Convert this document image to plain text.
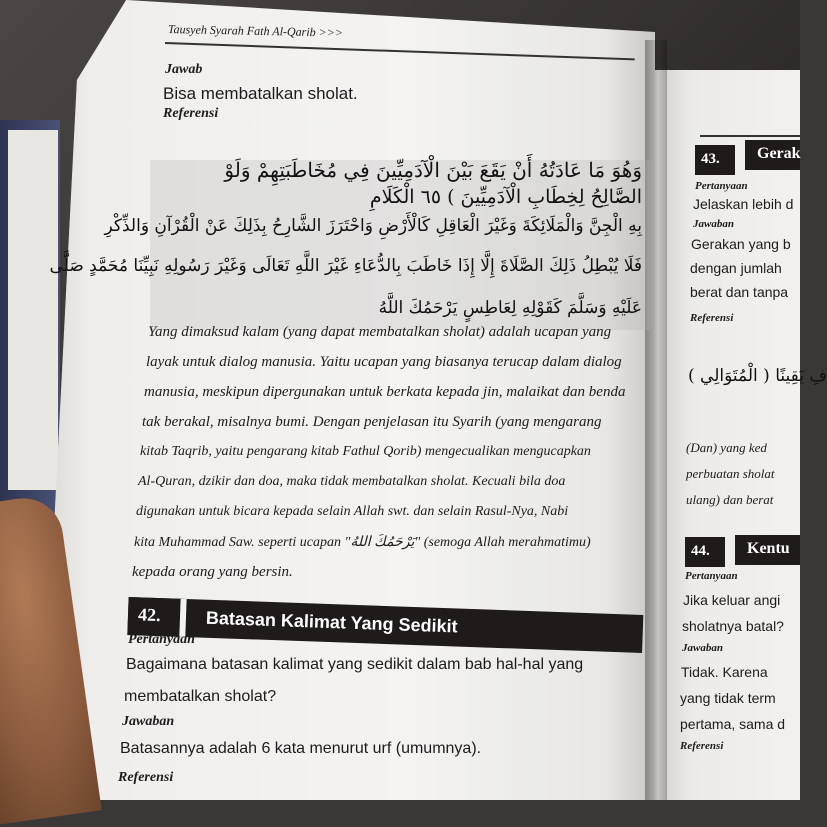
Tausyeh Syarah Fath Al-Qarib >>>
Jawab
Bisa membatalkan sholat.
Referensi
وَهُوَ مَا عَادَتُهُ أَنْ يَقَعَ بَيْنَ الْآدَمِيِّينَ فِي مُخَاطَبَتِهِمْ وَلَوْ
الصَّالِحُ لِخِطَابِ الْآدَمِيِّينَ ) ٦٥ الْكَلَامِ
بِهِ الْجِنَّ وَالْمَلَائِكَةَ وَغَيْرَ الْعَاقِلِ كَالْأَرْضِ وَاحْتَرَزَ الشَّارِحُ بِذَلِكَ عَنْ الْقُرْآنِ وَالذِّكْرِ
فَلَا يُبْطِلُ ذَلِكَ الصَّلَاةَ إِلَّا إِذَا خَاطَبَ بِالدُّعَاءِ غَيْرَ اللَّهِ تَعَالَى وَغَيْرَ رَسُولِهِ نَبِيِّنَا مُحَمَّدٍ صَلَّى
عَلَيْهِ وَسَلَّمَ كَقَوْلِهِ لِعَاطِسٍ يَرْحَمُكَ اللَّهُ
Yang dimaksud kalam (yang dapat membatalkan sholat) adalah ucapan yang
layak untuk dialog manusia. Yaitu ucapan yang biasanya terucap dalam dialog
manusia, meskipun dipergunakan untuk berkata kepada jin, malaikat dan benda
tak berakal, misalnya bumi. Dengan penjelasan itu Syarih (yang mengarang
kitab Taqrib, yaitu pengarang kitab Fathul Qorib) mengecualikan mengucapkan
Al-Quran, dzikir dan doa, maka tidak membatalkan sholat. Kecuali bila doa
digunakan untuk bicara kepada selain Allah swt. dan selain Rasul-Nya, Nabi
kita Muhammad Saw. seperti ucapan "يَرْحَمُكَ اللهُ" (semoga Allah merahmatimu)
kepada orang yang bersin.
42. Batasan Kalimat Yang Sedikit
Pertanyaan
Bagaimana batasan kalimat yang sedikit dalam bab hal-hal yang
membatalkan sholat?
Jawaban
Batasannya adalah 6 kata menurut urf (umumnya).
Referensi
43. Gerak
Pertanyaan
Jelaskan lebih d
Jawaban
Gerakan yang b
dengan jumlah
berat dan tanpa
Referensi
فِ يَقِينًا ( الْمُتَوَالِي )
(Dan) yang ked
perbuatan sholat
ulang) dan berat
44. Kentu
Pertanyaan
Jika keluar angi
sholatnya batal?
Jawaban
Tidak. Karena
yang tidak term
pertama, sama d
Referensi
